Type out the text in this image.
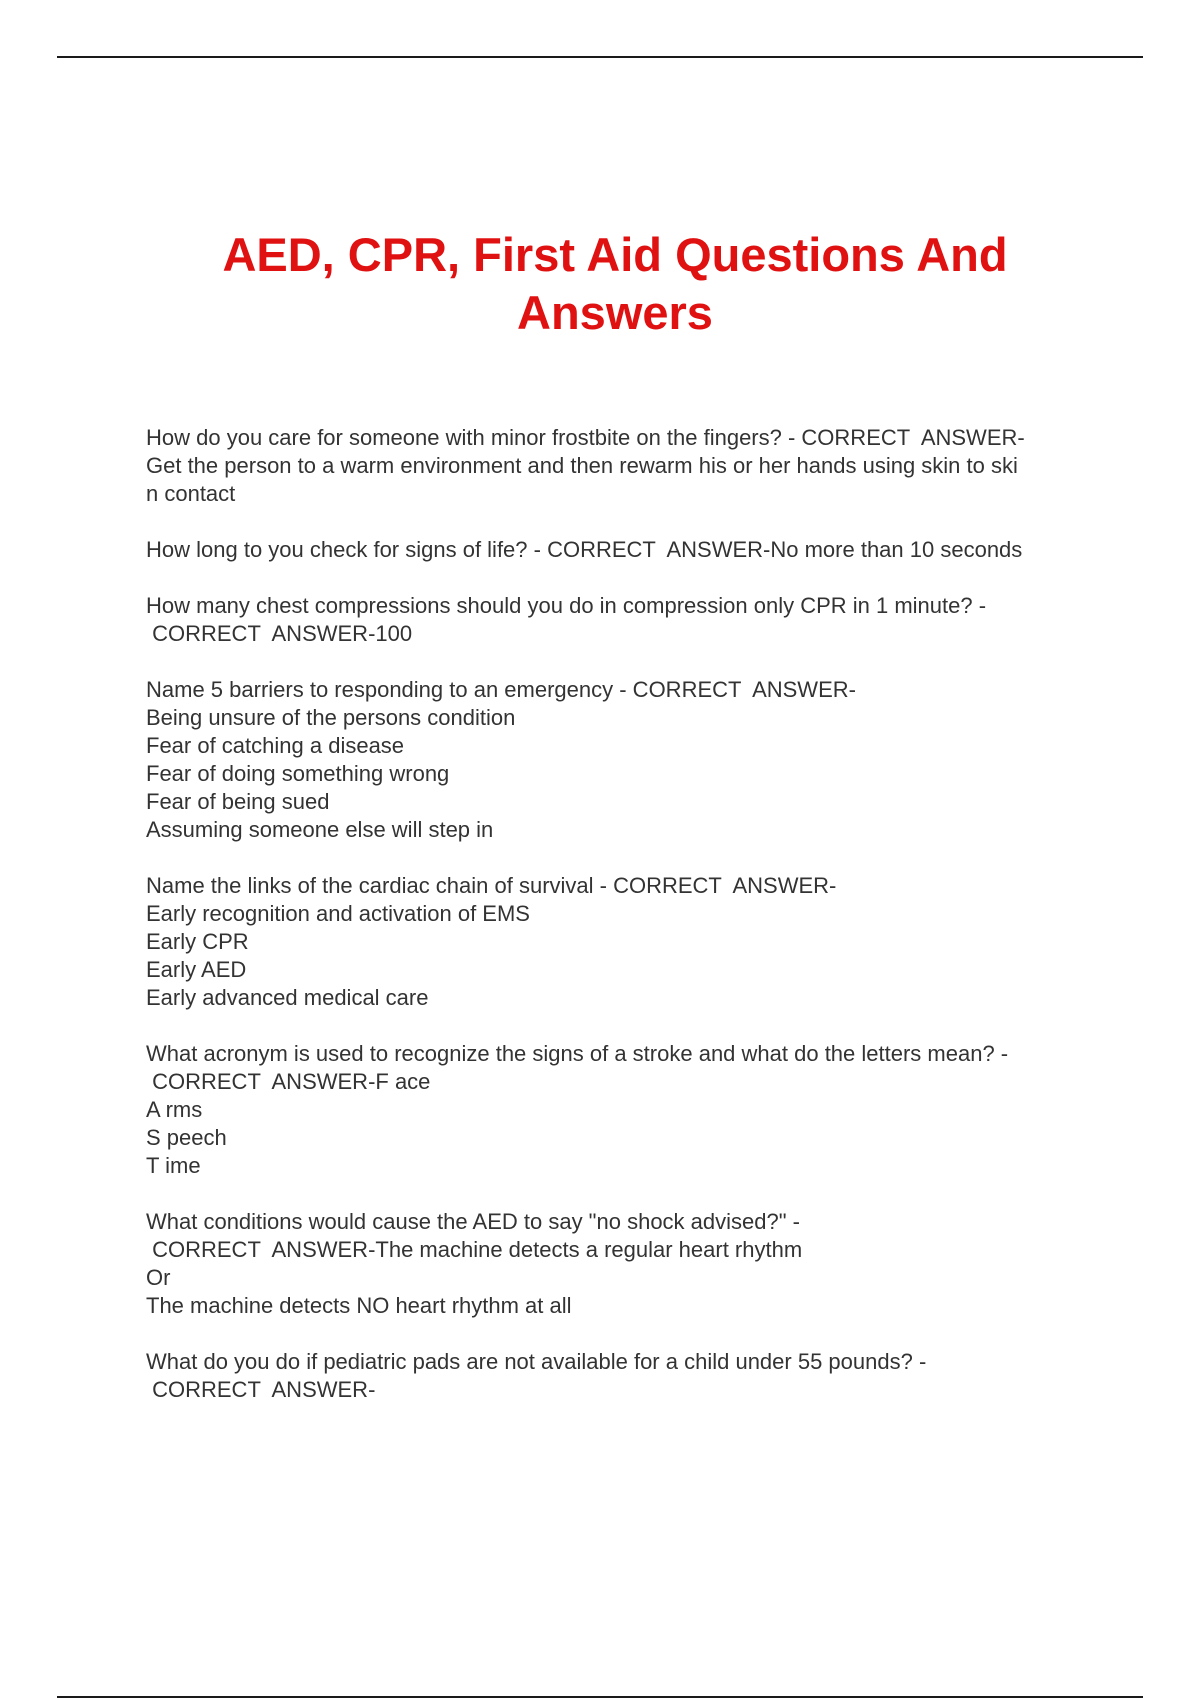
AED, CPR, First Aid Questions And
Answers
How do you care for someone with minor frostbite on the fingers? - CORRECT  ANSWER-
Get the person to a warm environment and then rewarm his or her hands using skin to ski
n contact
How long to you check for signs of life? - CORRECT  ANSWER-No more than 10 seconds
How many chest compressions should you do in compression only CPR in 1 minute? -
CORRECT  ANSWER-100
Name 5 barriers to responding to an emergency - CORRECT  ANSWER-
Being unsure of the persons condition
Fear of catching a disease
Fear of doing something wrong
Fear of being sued
Assuming someone else will step in
Name the links of the cardiac chain of survival - CORRECT  ANSWER-
Early recognition and activation of EMS
Early CPR
Early AED
Early advanced medical care
What acronym is used to recognize the signs of a stroke and what do the letters mean? -
CORRECT  ANSWER-F ace
A rms
S peech
T ime
What conditions would cause the AED to say "no shock advised?" -
CORRECT  ANSWER-The machine detects a regular heart rhythm
Or
The machine detects NO heart rhythm at all
What do you do if pediatric pads are not available for a child under 55 pounds? -
CORRECT  ANSWER-
